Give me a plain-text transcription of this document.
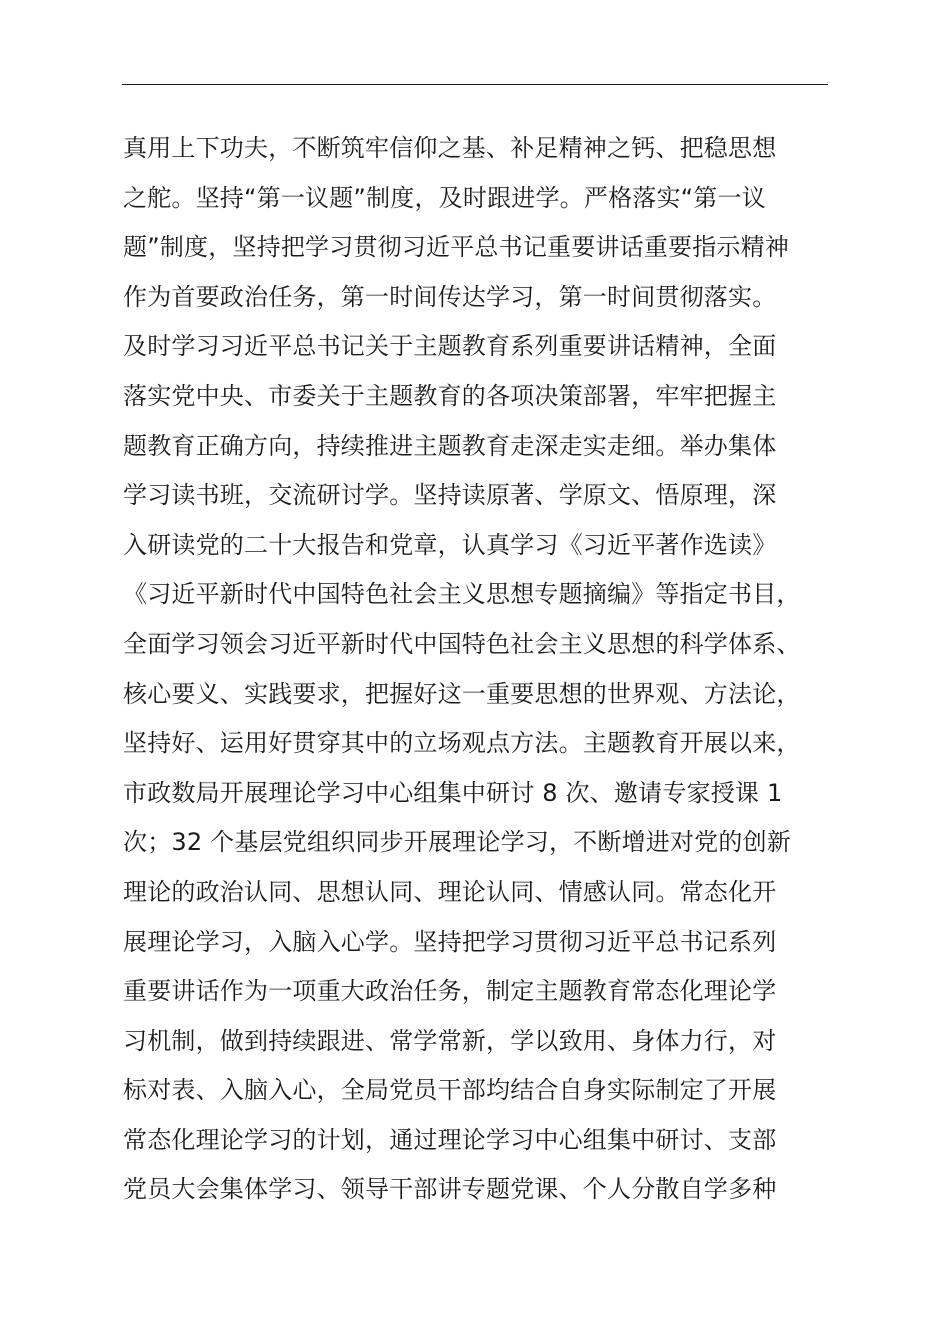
真用上下功夫，不断筑牢信仰之基、补足精神之钙、把稳思想
之舵。坚持“第一议题”制度，及时跟进学。严格落实“第一议
题”制度，坚持把学习贯彻习近平总书记重要讲话重要指示精神
作为首要政治任务，第一时间传达学习，第一时间贯彻落实。
及时学习习近平总书记关于主题教育系列重要讲话精神，全面
落实党中央、市委关于主题教育的各项决策部署，牢牢把握主
题教育正确方向，持续推进主题教育走深走实走细。举办集体
学习读书班，交流研讨学。坚持读原著、学原文、悟原理，深
入研读党的二十大报告和党章，认真学习《习近平著作选读》
《习近平新时代中国特色社会主义思想专题摘编》等指定书目，
全面学习领会习近平新时代中国特色社会主义思想的科学体系、
核心要义、实践要求，把握好这一重要思想的世界观、方法论，
坚持好、运用好贯穿其中的立场观点方法。主题教育开展以来，
市政数局开展理论学习中心组集中研讨 8 次、邀请专家授课 1
次；32 个基层党组织同步开展理论学习，不断增进对党的创新
理论的政治认同、思想认同、理论认同、情感认同。常态化开
展理论学习，入脑入心学。坚持把学习贯彻习近平总书记系列
重要讲话作为一项重大政治任务，制定主题教育常态化理论学
习机制，做到持续跟进、常学常新，学以致用、身体力行，对
标对表、入脑入心，全局党员干部均结合自身实际制定了开展
常态化理论学习的计划，通过理论学习中心组集中研讨、支部
党员大会集体学习、领导干部讲专题党课、个人分散自学多种
